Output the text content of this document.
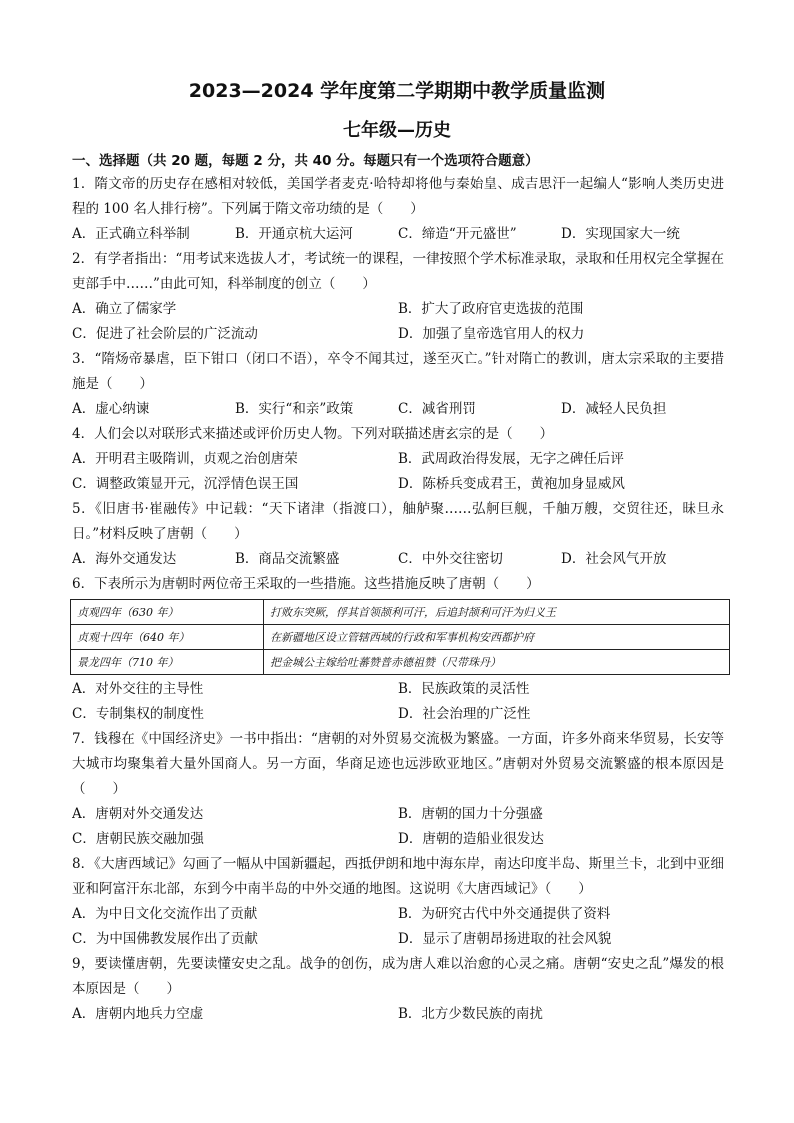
2023—2024 学年度第二学期期中教学质量监测
七年级—历史
一、选择题（共 20 题，每题 2 分，共 40 分。每题只有一个选项符合题意）
1．隋文帝的历史存在感相对较低，美国学者麦克·哈特却将他与秦始皇、成吉思汗一起编人“影响人类历史进程的 100 名人排行榜”。下列属于隋文帝功绩的是（　　）
A．正式确立科举制	B．开通京杭大运河	C．缔造“开元盛世”	D．实现国家大一统
2．有学者指出：“用考试来选拔人才，考试统一的课程，一律按照个学术标准录取，录取和任用权完全掌握在吏部手中……”由此可知，科举制度的创立（　　）
A．确立了儒家学	B．扩大了政府官吏选拔的范围
C．促进了社会阶层的广泛流动	D．加强了皇帝选官用人的权力
3．“隋炀帝暴虐，臣下钳口（闭口不语），卒令不闻其过，遂至灭亡。”针对隋亡的教训，唐太宗采取的主要措施是（　　）
A．虚心纳谏	B．实行“和亲”政策	C．减省刑罚	D．减轻人民负担
4．人们会以对联形式来描述或评价历史人物。下列对联描述唐玄宗的是（　　）
A．开明君主吸隋训，贞观之治创唐荣	B．武周政治得发展，无字之碑任后评
C．调整政策显开元，沉浮情色误王国	D．陈桥兵变成君王，黄袍加身显威风
5．《旧唐书·崔融传》中记载：“天下诸津（指渡口），舳舻聚……弘舸巨舰，千舳万艘，交贸往还，昧旦永日。”材料反映了唐朝（　　）
A．海外交通发达	B．商品交流繁盛	C．中外交往密切	D．社会风气开放
6．下表所示为唐朝时两位帝王采取的一些措施。这些措施反映了唐朝（　　）
贞观四年（630 年）	打败东突厥，俘其首领颉利可汗，后追封颉利可汗为归义王
贞观十四年（640 年）	在新疆地区设立管辖西域的行政和军事机构安西都护府
景龙四年（710 年）	把金城公主嫁给吐蕃赞普赤德祖赞（尺带珠丹）
A．对外交往的主导性	B．民族政策的灵活性
C．专制集权的制度性	D．社会治理的广泛性
7．钱穆在《中国经济史》一书中指出：“唐朝的对外贸易交流极为繁盛。一方面，许多外商来华贸易，长安等大城市均聚集着大量外国商人。另一方面，华商足迹也远涉欧亚地区。”唐朝对外贸易交流繁盛的根本原因是（　　）
A．唐朝对外交通发达	B．唐朝的国力十分强盛
C．唐朝民族交融加强	D．唐朝的造船业很发达
8．《大唐西域记》勾画了一幅从中国新疆起，西抵伊朗和地中海东岸，南达印度半岛、斯里兰卡，北到中亚细亚和阿富汗东北部，东到今中南半岛的中外交通的地图。这说明《大唐西域记》（　　）
A．为中日文化交流作出了贡献	B．为研究古代中外交通提供了资料
C．为中国佛教发展作出了贡献	D．显示了唐朝昂扬进取的社会风貌
9，要读懂唐朝，先要读懂安史之乱。战争的创伤，成为唐人难以治愈的心灵之痛。唐朝“安史之乱”爆发的根本原因是（　　）
A．唐朝内地兵力空虚	B．北方少数民族的南扰
